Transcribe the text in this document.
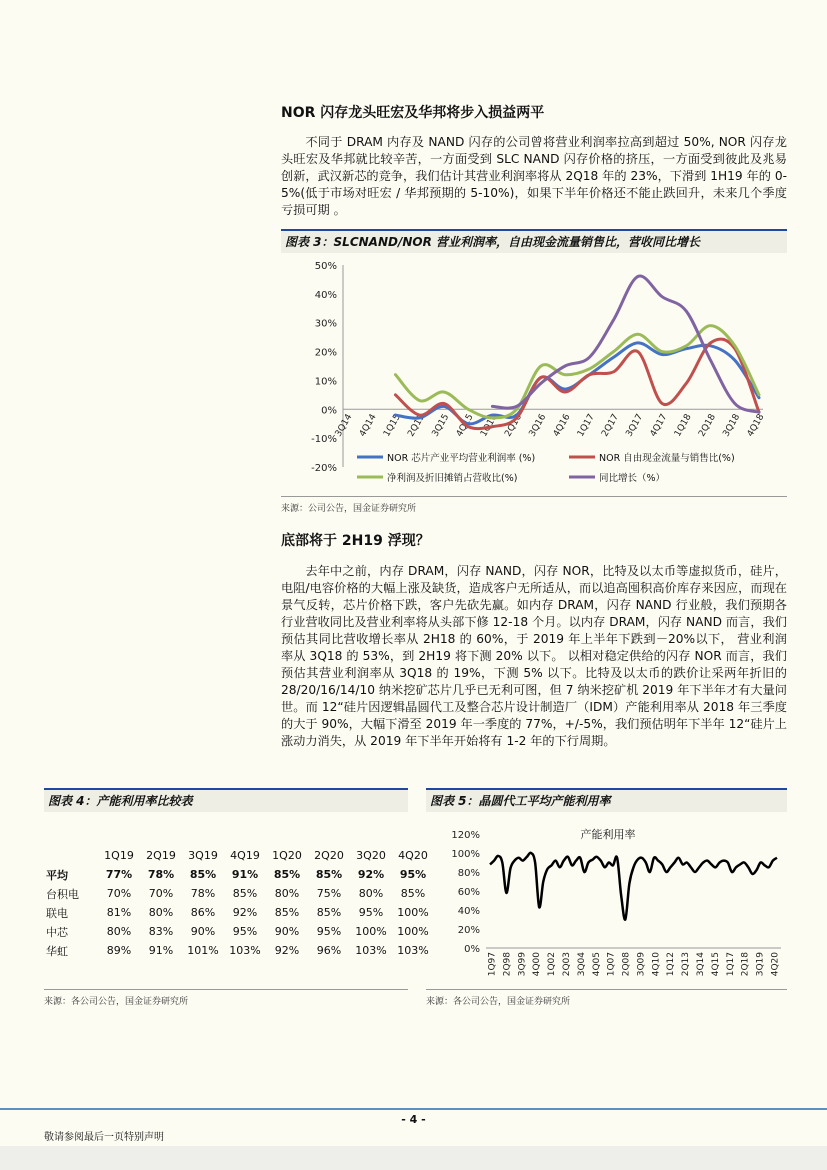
NOR 闪存龙头旺宏及华邦将步入损益两平

不同于 DRAM 内存及 NAND 闪存的公司曾将营业利润率拉高到超过 50%, NOR 闪存龙头旺宏及华邦就比较辛苦，一方面受到 SLC NAND 闪存价格的挤压，一方面受到彼此及兆易创新，武汉新芯的竞争，我们估计其营业利润率将从 2Q18 年的 23%，下滑到 1H19 年的 0-5%(低于市场对旺宏 / 华邦预期的 5-10%)，如果下半年价格还不能止跌回升，未来几个季度亏损可期 。

图表 3：SLCNAND/NOR 营业利润率，自由现金流量销售比，营收同比增长
50%
40%
30%
20%
10%
0%
-10%
-20%
3Q14 4Q14 1Q15 2Q15 3Q15 4Q15 1Q16 2Q16 3Q16 4Q16 1Q17 2Q17 3Q17 4Q17 1Q18 2Q18 3Q18 4Q18
NOR 芯片产业平均营业利润率 (%)	NOR 自由现金流量与销售比(%)
净利润及折旧摊销占营收比(%)	同比增长（%）
来源：公司公告，国金证券研究所
底部将于 2H19 浮现？

去年中之前，内存 DRAM，闪存 NAND，闪存 NOR，比特及以太币等虚拟货币，硅片，电阻/电容价格的大幅上涨及缺货，造成客户无所适从，而以追高囤积高价库存来因应，而现在景气反转，芯片价格下跌，客户先砍先赢。如内存 DRAM，闪存 NAND 行业般，我们预期各行业营收同比及营业利率将从头部下修 12-18 个月。以内存 DRAM，闪存 NAND 而言，我们预估其同比营收增长率从 2H18 的 60%，于 2019 年上半年下跌到－20%以下， 营业利润率从 3Q18 的 53%，到 2H19 将下测 20% 以下。 以相对稳定供给的闪存 NOR 而言，我们预估其营业利润率从 3Q18 的 19%，下测 5% 以下。比特及以太币的跌价让采两年折旧的 28/20/16/14/10 纳米挖矿芯片几乎已无利可图，但 7 纳米挖矿机 2019 年下半年才有大量问世。而 12“硅片因逻辑晶圆代工及整合芯片设计制造厂（IDM）产能利用率从 2018 年三季度的大于 90%，大幅下滑至 2019 年一季度的 77%，+/-5%，我们预估明年下半年 12“硅片上涨动力消失，从 2019 年下半年开始将有 1-2 年的下行周期。

图表 4：产能利用率比较表
	1Q19	2Q19	3Q19	4Q19	1Q20	2Q20	3Q20	4Q20
平均	77%	78%	85%	91%	85%	85%	92%	95%
台积电	70%	70%	78%	85%	80%	75%	80%	85%
联电	81%	80%	86%	92%	85%	85%	95%	100%
中芯	80%	83%	90%	95%	90%	95%	100%	100%
华虹	89%	91%	101%	103%	92%	96%	103%	103%
来源：各公司公告，国金证券研究所
图表 5：晶圆代工平均产能利用率
120%
100%
80%
60%
40%
20%
0%
1Q97 2Q98 3Q99 4Q00 1Q02 2Q03 3Q04 4Q05 1Q07 2Q08 3Q09 4Q10 1Q12 2Q13 3Q14 4Q15 1Q17 2Q18 3Q19 4Q20
产能利用率
来源：各公司公告，国金证券研究所
- 4 -
敬请参阅最后一页特别声明
